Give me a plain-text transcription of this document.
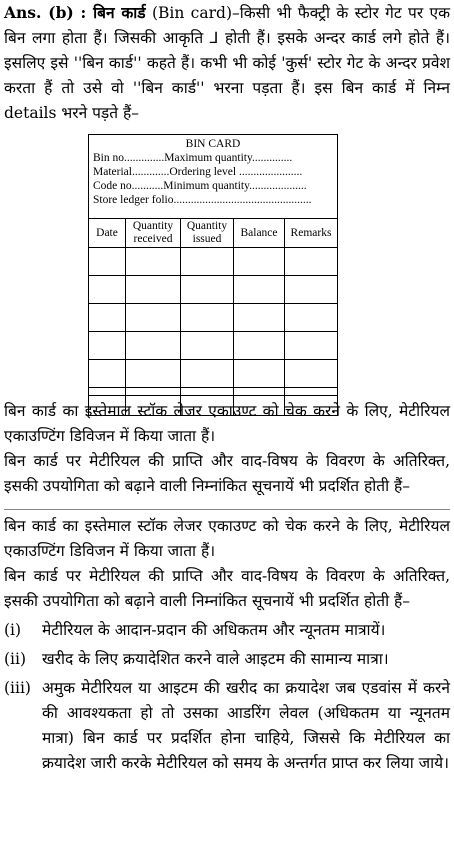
Ans. (b) : बिन कार्ड (Bin card)–किसी भी फैक्ट्री के स्टोर गेट पर एक बिन लगा होता हैं। जिसकी आकृति ⅃ होती हैं। इसके अन्दर कार्ड लगे होते हैं। इसलिए इसे ''बिन कार्ड'' कहते हैं। कभी भी कोई 'कुर्स' स्टोर गेट के अन्दर प्रवेश करता हैं तो उसे वो ''बिन कार्ड'' भरना पड़ता हैं। इस बिन कार्ड में निम्न details भरने पड़ते हैं–

BIN CARD
Bin no..............Maximum quantity..............
Material.............Ordering level ......................
Code no...........Minimum quantity....................
Store ledger folio................................................
Date	Quantity received	Quantity issued	Balance	Remarks

बिन कार्ड का इस्तेमाल स्टॉक लेजर एकाउण्ट को चेक करने के लिए, मेटीरियल एकाउण्टिंग डिविजन में किया जाता हैं।

बिन कार्ड पर मेटीरियल की प्राप्ति और वाद-विषय के विवरण के अतिरिक्त, इसकी उपयोगिता को बढ़ाने वाली निम्नांकित सूचनायें भी प्रदर्शित होती हैं–

बिन कार्ड का इस्तेमाल स्टॉक लेजर एकाउण्ट को चेक करने के लिए, मेटीरियल एकाउण्टिंग डिविजन में किया जाता हैं।

बिन कार्ड पर मेटीरियल की प्राप्ति और वाद-विषय के विवरण के अतिरिक्त, इसकी उपयोगिता को बढ़ाने वाली निम्नांकित सूचनायें भी प्रदर्शित होती हैं–

(i)	मेटीरियल के आदान-प्रदान की अधिकतम और न्यूनतम मात्रायें।
(ii)	खरीद के लिए क्रयादेशित करने वाले आइटम की सामान्य मात्रा।
(iii) अमुक मेटीरियल या आइटम की खरीद का क्रयादेश जब एडवांस में करने की आवश्यकता हो तो उसका आडरिंग लेवल (अधिकतम या न्यूनतम मात्रा) बिन कार्ड पर प्रदर्शित होना चाहिये, जिससे कि मेटीरियल का क्रयादेश जारी करके मेटीरियल को समय के अन्तर्गत प्राप्त कर लिया जाये।
